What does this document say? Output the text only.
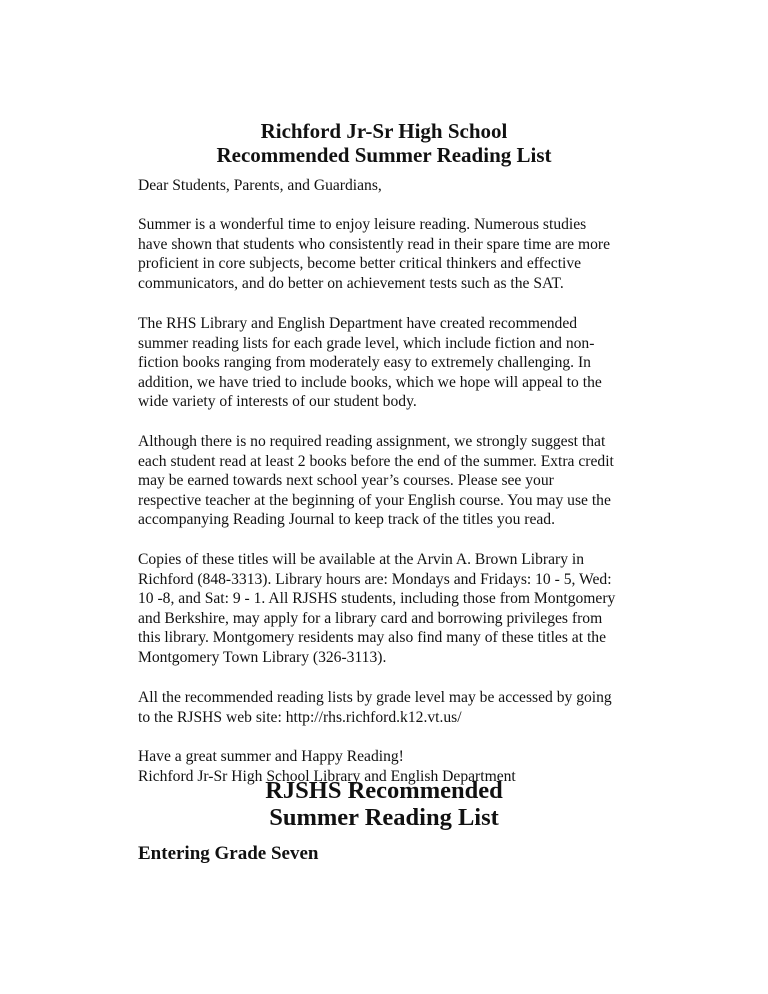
Richford Jr-Sr High School
Recommended Summer Reading List

Dear Students, Parents, and Guardians,

Summer is a wonderful time to enjoy leisure reading. Numerous studies
have shown that students who consistently read in their spare time are more
proficient in core subjects, become better critical thinkers and effective
communicators, and do better on achievement tests such as the SAT.

The RHS Library and English Department have created recommended
summer reading lists for each grade level, which include fiction and non-
fiction books ranging from moderately easy to extremely challenging. In
addition, we have tried to include books, which we hope will appeal to the
wide variety of interests of our student body.

Although there is no required reading assignment, we strongly suggest that
each student read at least 2 books before the end of the summer. Extra credit
may be earned towards next school year’s courses. Please see your
respective teacher at the beginning of your English course. You may use the
accompanying Reading Journal to keep track of the titles you read.

Copies of these titles will be available at the Arvin A. Brown Library in
Richford (848-3313). Library hours are: Mondays and Fridays: 10 - 5, Wed:
10 -8, and Sat: 9 - 1. All RJSHS students, including those from Montgomery
and Berkshire, may apply for a library card and borrowing privileges from
this library. Montgomery residents may also find many of these titles at the
Montgomery Town Library (326-3113).

All the recommended reading lists by grade level may be accessed by going
to the RJSHS web site: http://rhs.richford.k12.vt.us/

Have a great summer and Happy Reading!
Richford Jr-Sr High School Library and English Department

RJSHS Recommended
Summer Reading List
Entering Grade Seven
